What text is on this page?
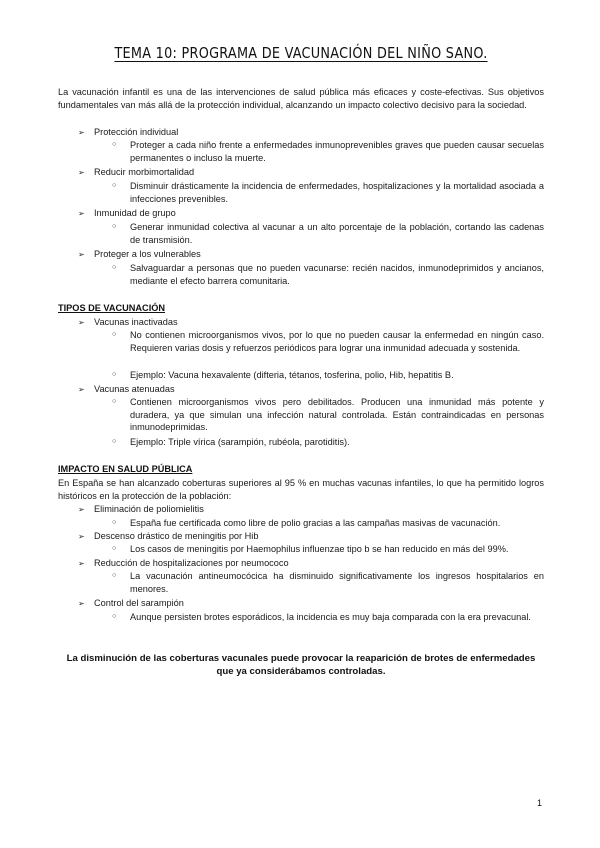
TEMA 10: PROGRAMA DE VACUNACIÓN DEL NIÑO SANO.
La vacunación infantil es una de las intervenciones de salud pública más eficaces y coste-efectivas. Sus objetivos fundamentales van más allá de la protección individual, alcanzando un impacto colectivo decisivo para la sociedad.
➢ Protección individual
○ Proteger a cada niño frente a enfermedades inmunoprevenibles graves que pueden causar secuelas permanentes o incluso la muerte.
➢ Reducir morbimortalidad
○ Disminuir drásticamente la incidencia de enfermedades, hospitalizaciones y la mortalidad asociada a infecciones prevenibles.
➢ Inmunidad de grupo
○ Generar inmunidad colectiva al vacunar a un alto porcentaje de la población, cortando las cadenas de transmisión.
➢ Proteger a los vulnerables
○ Salvaguardar a personas que no pueden vacunarse: recién nacidos, inmunodeprimidos y ancianos, mediante el efecto barrera comunitaria.
TIPOS DE VACUNACIÓN
➢ Vacunas inactivadas
○ No contienen microorganismos vivos, por lo que no pueden causar la enfermedad en ningún caso. Requieren varias dosis y refuerzos periódicos para lograr una inmunidad adecuada y sostenida.
○ Ejemplo: Vacuna hexavalente (difteria, tétanos, tosferina, polio, Hib, hepatitis B.
➢ Vacunas atenuadas
○ Contienen microorganismos vivos pero debilitados. Producen una inmunidad más potente y duradera, ya que simulan una infección natural controlada. Están contraindicadas en personas inmunodeprimidas.
○ Ejemplo: Triple vírica (sarampión, rubéola, parotiditis).
IMPACTO EN SALUD PÚBLICA
En España se han alcanzado coberturas superiores al 95 % en muchas vacunas infantiles, lo que ha permitido logros históricos en la protección de la población:
➢ Eliminación de poliomielitis
○ España fue certificada como libre de polio gracias a las campañas masivas de vacunación.
➢ Descenso drástico de meningitis por Hib
○ Los casos de meningitis por Haemophilus influenzae tipo b se han reducido en más del 99%.
➢ Reducción de hospitalizaciones por neumococo
○ La vacunación antineumocócica ha disminuido significativamente los ingresos hospitalarios en menores.
➢ Control del sarampión
○ Aunque persisten brotes esporádicos, la incidencia es muy baja comparada con la era prevacunal.
La disminución de las coberturas vacunales puede provocar la reaparición de brotes de enfermedades
que ya considerábamos controladas.
1
